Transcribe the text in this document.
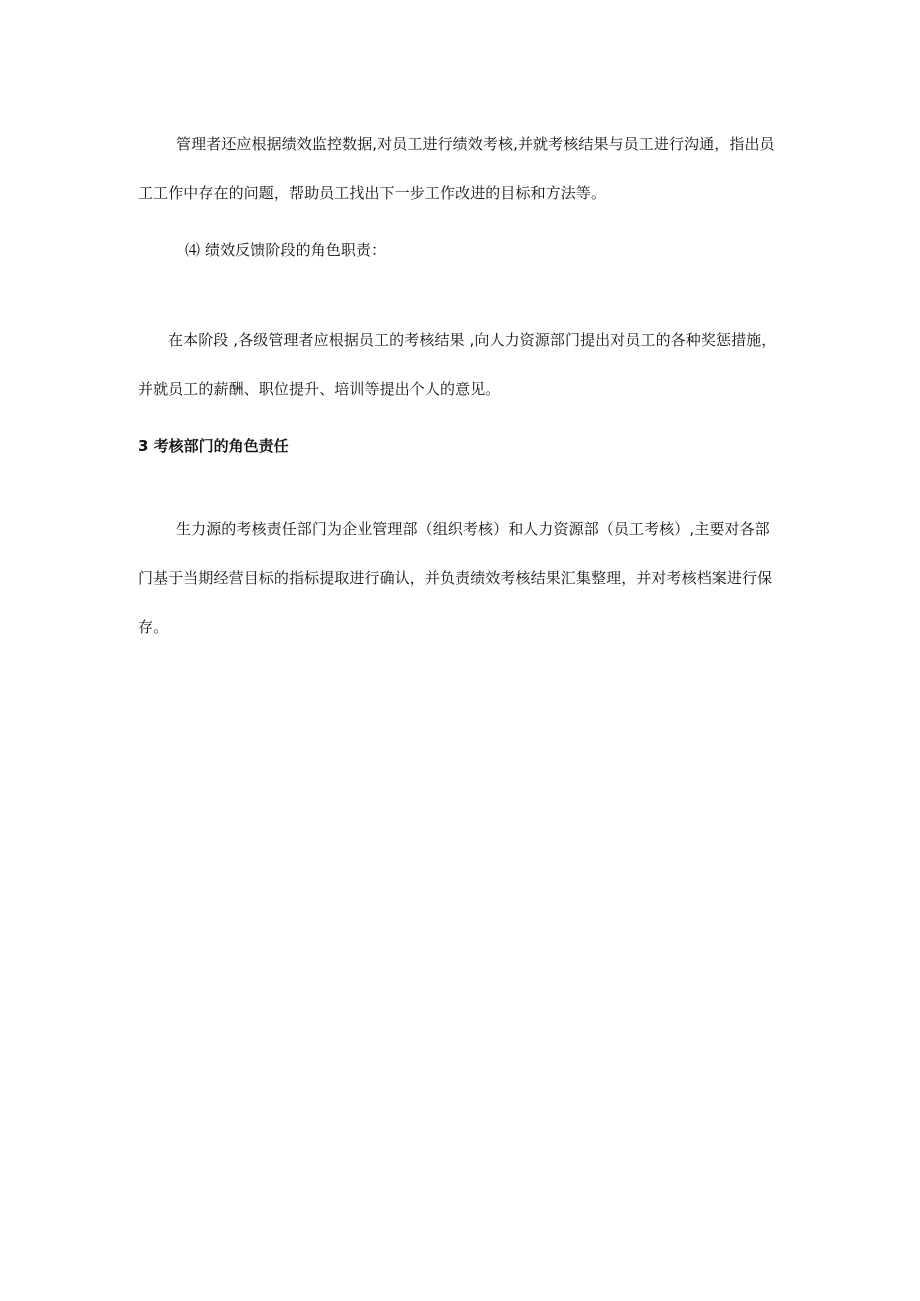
管理者还应根据绩效监控数据,对员工进行绩效考核,并就考核结果与员工进行沟通，指出员
工工作中存在的问题，帮助员工找出下一步工作改进的目标和方法等。
⑷ 绩效反馈阶段的角色职责：
在本阶段 ,各级管理者应根据员工的考核结果 ,向人力资源部门提出对员工的各种奖惩措施，
并就员工的薪酬、职位提升、培训等提出个人的意见。
3 考核部门的角色责任
生力源的考核责任部门为企业管理部（组织考核）和人力资源部（员工考核）,主要对各部
门基于当期经营目标的指标提取进行确认，并负责绩效考核结果汇集整理，并对考核档案进行保
存。
